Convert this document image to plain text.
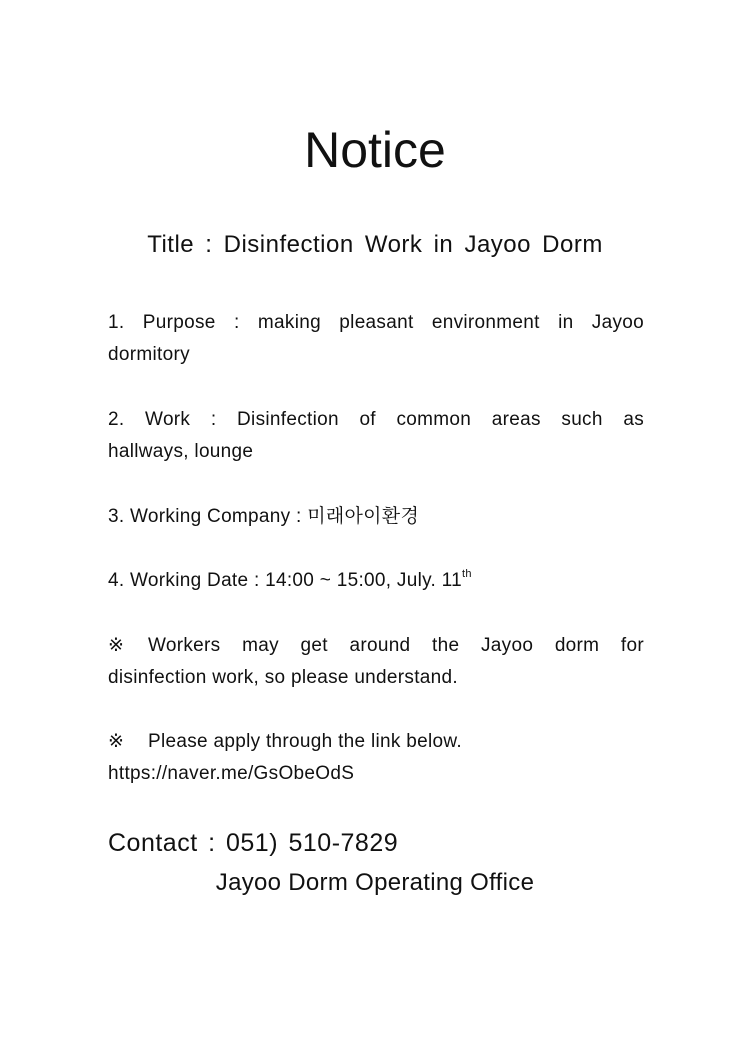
Notice
Title : Disinfection Work in Jayoo Dorm
1. Purpose : making pleasant environment in Jayoo
dormitory
2. Work : Disinfection of common areas such as
hallways, lounge
3. Working Company : 미래아이환경
4. Working Date : 14:00 ~ 15:00, July. 11th
※ Workers may get around the Jayoo dorm for
disinfection work, so please understand.
※ Please apply through the link below.
https://naver.me/GsObeOdS
Contact : 051) 510-7829
Jayoo Dorm Operating Office
